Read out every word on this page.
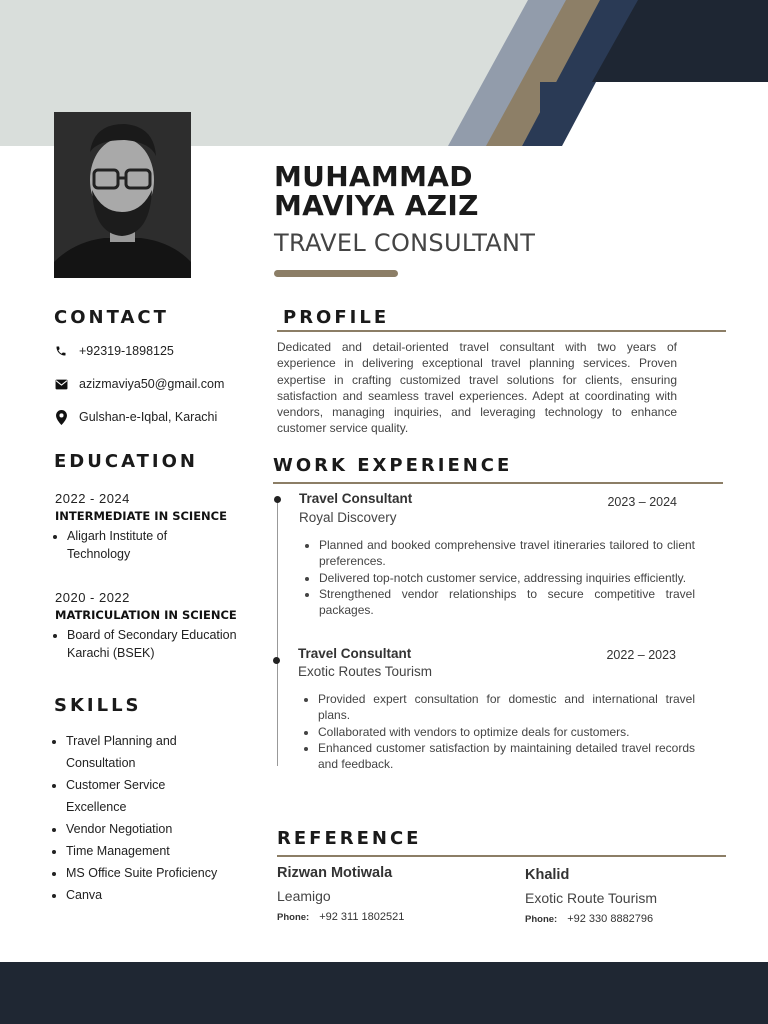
MUHAMMAD
MAVIYA AZIZ
TRAVEL CONSULTANT
CONTACT
+92319-1898125
azizmaviya50@gmail.com
Gulshan-e-Iqbal, Karachi
EDUCATION
2022 - 2024
INTERMEDIATE IN SCIENCE
• Aligarh Institute of Technology
2020 - 2022
MATRICULATION IN SCIENCE
• Board of Secondary Education Karachi (BSEK)
SKILLS
• Travel Planning and Consultation
• Customer Service Excellence
• Vendor Negotiation
• Time Management
• MS Office Suite Proficiency
• Canva
PROFILE
Dedicated and detail-oriented travel consultant with two years of experience in delivering exceptional travel planning services. Proven expertise in crafting customized travel solutions for clients, ensuring satisfaction and seamless travel experiences. Adept at coordinating with vendors, managing inquiries, and leveraging technology to enhance customer service quality.
WORK EXPERIENCE
Travel Consultant	2023 – 2024
Royal Discovery
• Planned and booked comprehensive travel itineraries tailored to client preferences.
• Delivered top-notch customer service, addressing inquiries efficiently.
• Strengthened vendor relationships to secure competitive travel packages.
Travel Consultant	2022 – 2023
Exotic Routes Tourism
• Provided expert consultation for domestic and international travel plans.
• Collaborated with vendors to optimize deals for customers.
• Enhanced customer satisfaction by maintaining detailed travel records and feedback.
REFERENCE
Rizwan Motiwala
Leamigo
Phone: +92 311 1802521
Khalid
Exotic Route Tourism
Phone: +92 330 8882796
